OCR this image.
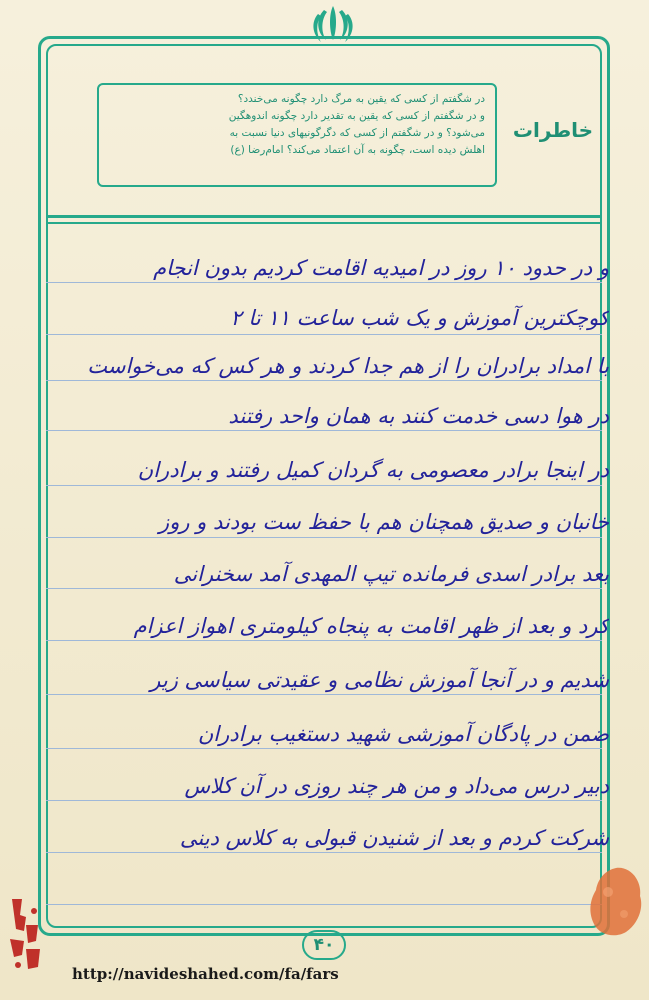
خاطرات
در شگفتم از کسی که یقین به مرگ دارد چگونه می‌خندد؟
و در شگفتم از کسی که یقین به تقدیر دارد چگونه اندوهگین
می‌شود؟ و در شگفتم از کسی که دگرگونیهای دنیا نسبت به
اهلش دیده است، چگونه به آن اعتماد می‌کند؟ امام‌رضا (ع)
و در حدود ۱۰ روز در امیدیه اقامت کردیم بدون انجام
کوچکترین آموزش و یک شب ساعت ۱۱ تا ۲
با امداد برادران را از هم جدا کردند و هر کس که می‌خواست
در هوا دسی خدمت کنند به همان واحد رفتند
در اینجا برادر معصومی به گردان کمیل رفتند و برادران
خانبان و صدیق همچنان هم با حفظ ست بودند و روز
بعد برادر اسدی فرمانده تیپ المهدی آمد سخنرانی
کرد و بعد از ظهر اقامت به پنجاه کیلومتری اهواز اعزام
شدیم و در آنجا آموزش نظامی و عقیدتی سیاسی زیر
ضمن در پادگان آموزشی شهید دستغیب برادران
دبیر درس می‌داد و من هر چند روزی در آن کلاس
شرکت کردم و بعد از شنیدن قبولی به کلاس دینی
۴۰
http://navideshahed.com/fa/fars
